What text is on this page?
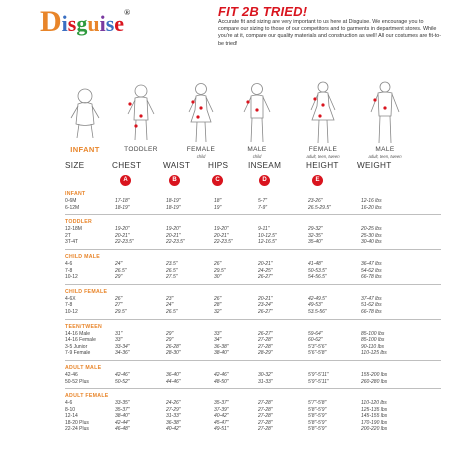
Disguise®	FIT 2B TRIED!
Accurate fit and sizing are very important to us here at Disguise. We encourage you to compare our sizing to those of our competitors and to garments in department stores. While you're at it, compare our quality materials and construction as well! All our costumes are fit-to-be tried!
INFANT	TODDLER	FEMALE
child
MALE
child
FEMALE
adult, teen, tween
MALE
adult, teen, tween
SIZE	CHEST	WAIST HIPS INSEAM	HEIGHT WEIGHT
A	B	C	D	E
INFANT
0-6M	17-18"	18-19"	18"	5-7"	23-26"	12-16 lbs
6-12M	18-19"	18-19"	19"	7-9"	26.5-29.5"	16-20 lbs
TODDLER
12-18M	19-20"	19-20"	19-20"	9-11"	29-32"	20-25 lbs
2T	20-21"	20-21"	20-21"	10-12.5"	32-35"	25-30 lbs
3T-4T	22-23.5"	22-23.5"	22-23.5"	12-16.5"	35-40"	30-40 lbs
CHILD MALE
4-6	24"	23.5"	26"	20-21"	41-48"	36-47 lbs
7-8	26.5"	26.5"	29.5"	24-25"	50-53.5"	54-62 lbs
10-12	29"	27.5"	30"	26-27"	54-56.5"	66-78 lbs
CHILD FEMALE
4-6X	26"	23"	26"	20-21"	42-49.5"	37-47 lbs
7-8	27"	24"	28"	23-24"	49-53"	51-62 lbs
10-12	29.5"	26.5"	32"	26-27"	53.5-56"	66-78 lbs
TEEN/TWEEN
14-16 Male	31"	29"	33"	26-27"	59-64"	85-100 lbs
14-16 Female	33"	29"	34"	27-28"	60-62"	85-100 lbs
3-5 Junior	33-34"	26-28"	36-38"	27-28"	5'3"-5'6"	90-110 lbs
7-9 Female	34-36"	28-30"	38-40"	28-29"	5'6"-5'8"	110-125 lbs
ADULT MALE
42-46	42-46"	36-40"	42-46"	30-32"	5'9"-5'11"	155-200 lbs
50-52 Plus	50-52"	44-46"	48-50"	31-33"	5'9"-5'11"	260-280 lbs
ADULT FEMALE
4-6	33-35"	24-26"	35-37"	27-28"	5'7"-5'8"	110-120 lbs
8-10	35-37"	27-29"	37-39"	27-28"	5'8"-5'9"	125-135 lbs
12-14	38-40"	31-33"	40-42"	27-28"	5'8"-5'9"	145-155 lbs
18-20 Plus	42-44"	36-38"	45-47"	27-28"	5'8"-5'9"	170-190 lbs
22-24 Plus	46-48"	40-42"	49-51"	27-28"	5'8"-5'9"	200-220 lbs
